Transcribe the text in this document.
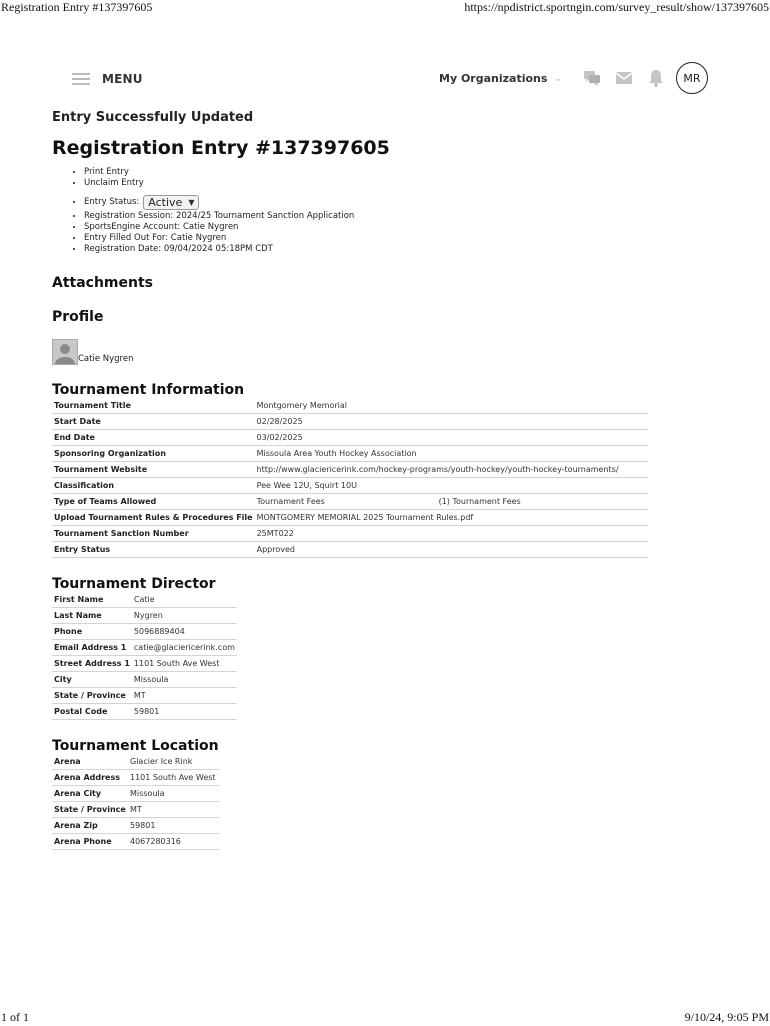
Registration Entry #137397605	https://npdistrict.sportngin.com/survey_result/show/137397605
MENU	My Organizations ⌄	MR

Entry Successfully Updated

Registration Entry #137397605
• Print Entry
• Unclaim Entry
• Entry Status: Active ▼
• Registration Session: 2024/25 Tournament Sanction Application
• SportsEngine Account: Catie Nygren
• Entry Filled Out For: Catie Nygren
• Registration Date: 09/04/2024 05:18PM CDT
Attachments
Profile
Catie Nygren
Tournament Information
Tournament Title	Montgomery Memorial
Start Date	02/28/2025
End Date	03/02/2025
Sponsoring Organization	Missoula Area Youth Hockey Association
Tournament Website	http://www.glaciericerink.com/hockey-programs/youth-hockey/youth-hockey-tournaments/
Classification	Pee Wee 12U, Squirt 10U
Type of Teams Allowed	Tournament Fees (1) Tournament Fees
Upload Tournament Rules & Procedures File	MONTGOMERY MEMORIAL 2025 Tournament Rules.pdf
Tournament Sanction Number	25MT022
Entry Status	Approved
Tournament Director
First Name	Catie
Last Name	Nygren
Phone	5096889404
Email Address 1	catie@glaciericerink.com
Street Address 1	1101 South Ave West
City	Missoula
State / Province	MT
Postal Code	59801
Tournament Location
Arena	Glacier Ice Rink
Arena Address	1101 South Ave West
Arena City	Missoula
State / Province	MT
Arena Zip	59801
Arena Phone	4067280316
1 of 1	9/10/24, 9:05 PM
